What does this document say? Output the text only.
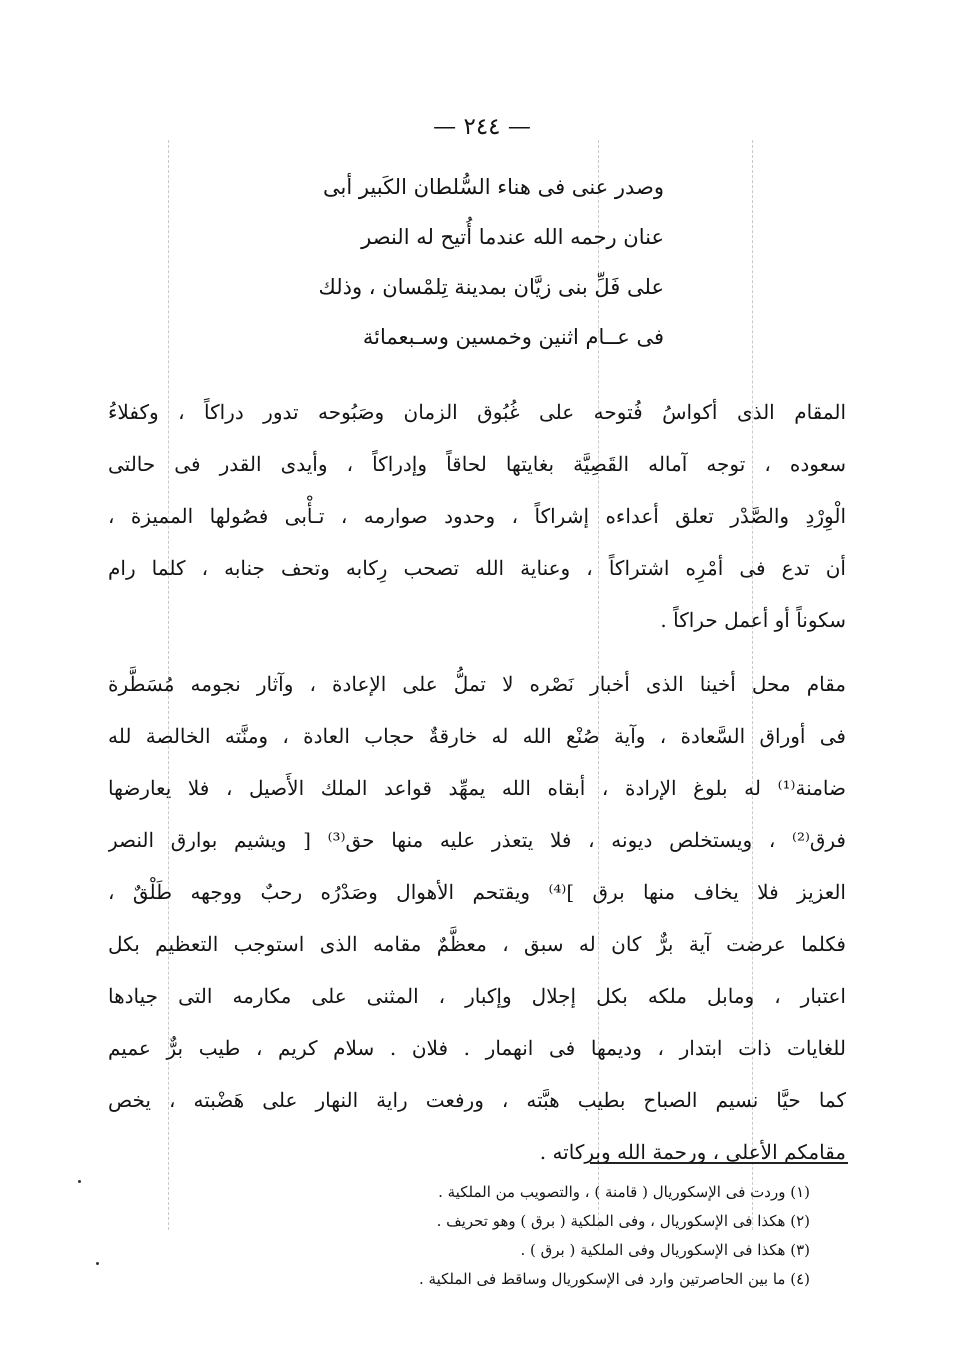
— ٢٤٤ —
وصدر عنى فى هناء السُّلطان الكَبير أبى
عنان رحمه الله عندما أُتيح له النصر
على فَلِّ بنى زيَّان بمدينة تِلمْسان ، وذلك
فى عــام اثنين وخمسين وسـبعمائة
المقام الذى أكواسُ فُتوحه على غُبُوق الزمان وصَبُوحه تدور دراكاً ، وكفلاءُ
سعوده ، توجه آماله القَصِيَّة بغايتها لحاقاً وإدراكاً ، وأيدى القدر فى حالتى
الْوِرْدِ والصَّدْر تعلق أعداءه إشراكاً ، وحدود صوارمه ، تـأْبى فصُولها المميزة ،
أن تدع فى أمْرِه اشتراكاً ، وعناية الله تصحب رِكابه وتحف جنابه ، كلما رام
سكوناً أو أعمل حراكاً .
مقام محل أخينا الذى أخبار نَصْره لا تملُّ على الإعادة ، وآثار نجومه مُسَطَّرة
فى أوراق السَّعادة ، وآية صُنْع الله له خارقةٌ حجاب العادة ، ومنَّته الخالصة لله
ضامنة⁽¹⁾ له بلوغ الإرادة ، أبقاه الله يمهِّد قواعد الملك الأَصيل ، فلا يعارضها
فرق⁽²⁾ ، ويستخلص ديونه ، فلا يتعذر عليه منها حق⁽³⁾ [ ويشيم بوارق النصر
العزيز فلا يخاف منها برق ]⁽⁴⁾ ويقتحم الأهوال وصَدْرُه رحبٌ ووجهه طَلْقٌ ،
فكلما عرضت آية برٌّ كان له سبق ، معظَّمٌ مقامه الذى استوجب التعظيم بكل
اعتبار ، ومابل ملكه بكل إجلال وإكبار ، المثنى على مكارمه التى جيادها
للغايات ذات ابتدار ، وديمها فى انهمار . فلان . سلام كريم ، طيب برٌّ عميم
كما حيَّا نسيم الصباح بطيب هبَّته ، ورفعت راية النهار على هَضْبته ، يخص
مقامكم الأعلى ، ورحمة الله وبركاته .
(١) وردت فى الإسكوريال ( قامنة ) ، والتصويب من الملكية .
(٢) هكذا فى الإسكوريال ، وفى الملكية ( برق ) وهو تحريف .
(٣) هكذا فى الإسكوريال وفى الملكية ( برق ) .
(٤) ما بين الحاصرتين وارد فى الإسكوريال وساقط فى الملكية .
